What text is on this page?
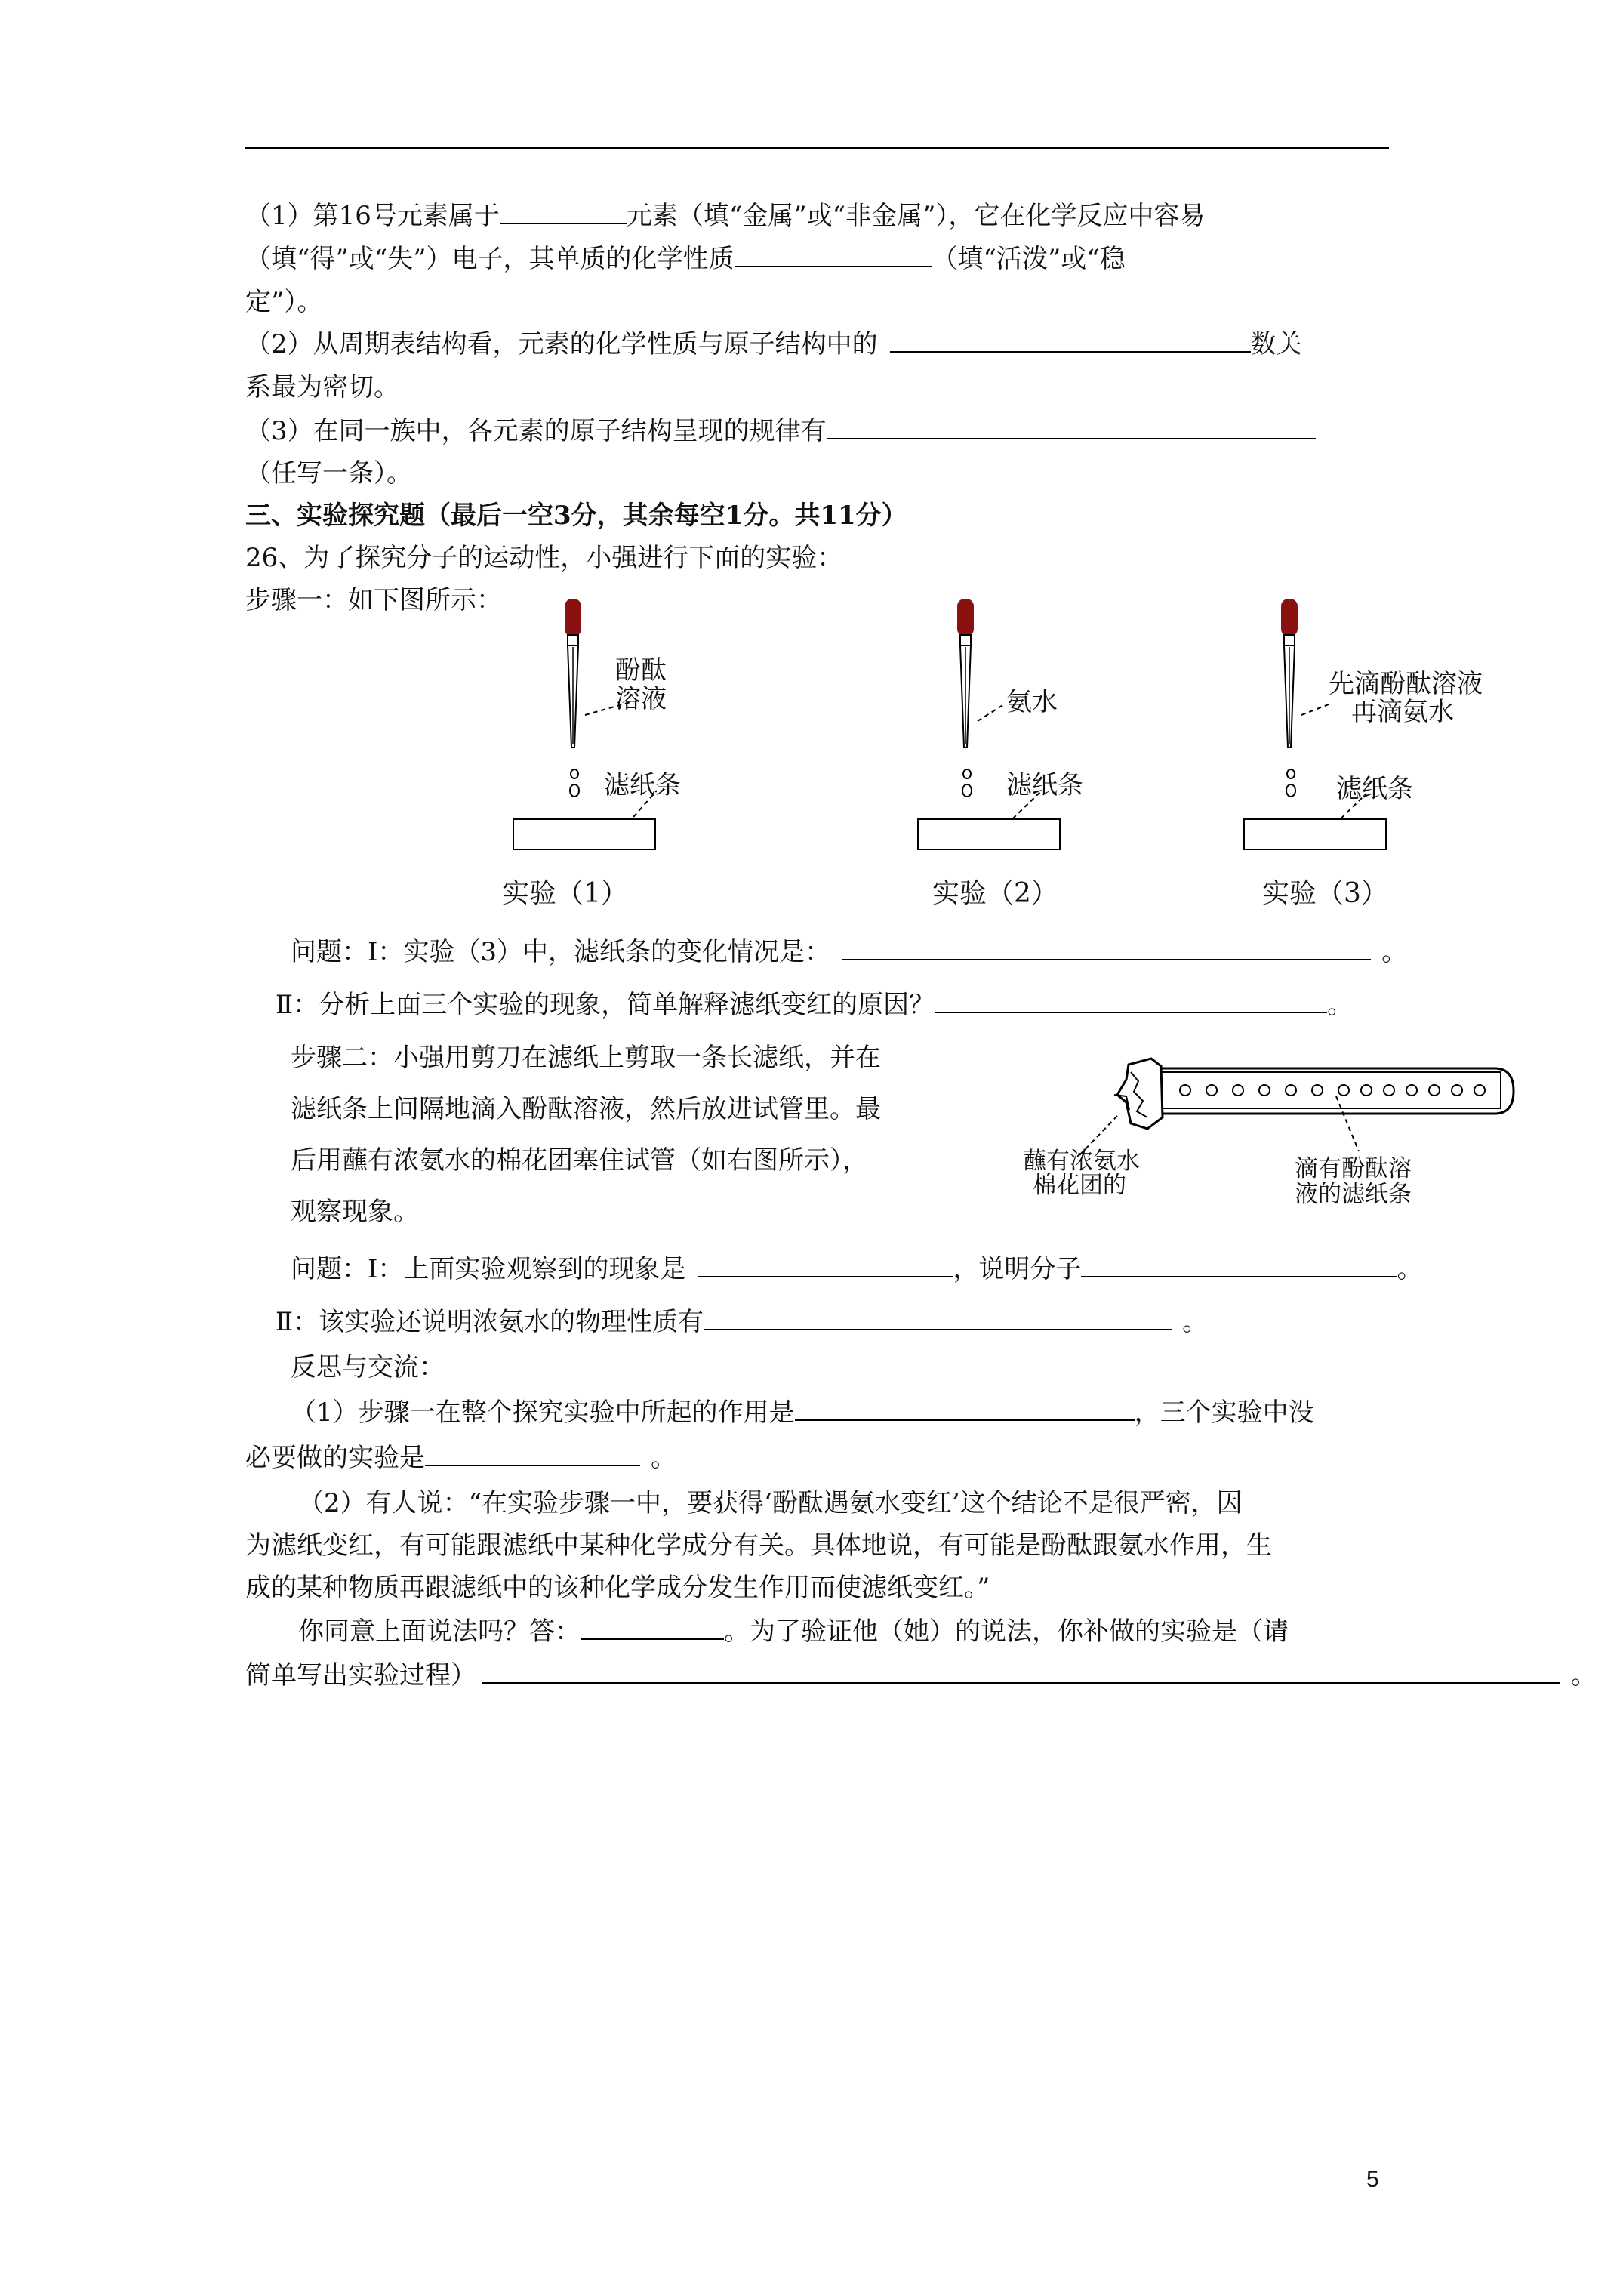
（1）第16号元素属于	元素（填“金属”或“非金属”），它在化学反应中容易
（填“得”或“失”）电子，其单质的化学性质	（填“活泼”或“稳
定”）。
（2）从周期表结构看，元素的化学性质与原子结构中的	数关
系最为密切。
（3）在同一族中，各元素的原子结构呈现的规律有
（任写一条）。
三、实验探究题（最后一空3分，其余每空1分。共11分）
26、为了探究分子的运动性，小强进行下面的实验：
步骤一：如下图所示：
酚酞
溶液
滤纸条
氨水
滤纸条
先滴酚酞溶液
再滴氨水
滤纸条
实验（1）	实验（2）	实验（3）
问题：Ⅰ：实验（3）中，滤纸条的变化情况是：	。
Ⅱ：分析上面三个实验的现象，简单解释滤纸变红的原因？	。
步骤二：小强用剪刀在滤纸上剪取一条长滤纸，并在
滤纸条上间隔地滴入酚酞溶液，然后放进试管里。最
后用蘸有浓氨水的棉花团塞住试管（如右图所示），
观察现象。
蘸有浓氨水
棉花团的
滴有酚酞溶
液的滤纸条
问题：Ⅰ：上面实验观察到的现象是	，说明分子	。
Ⅱ：该实验还说明浓氨水的物理性质有	。
反思与交流：
（1）步骤一在整个探究实验中所起的作用是	，三个实验中没
必要做的实验是	。
（2）有人说：“在实验步骤一中，要获得‘酚酞遇氨水变红’这个结论不是很严密，因
为滤纸变红，有可能跟滤纸中某种化学成分有关。具体地说，有可能是酚酞跟氨水作用，生
成的某种物质再跟滤纸中的该种化学成分发生作用而使滤纸变红。”
你同意上面说法吗？答：	。为了验证他（她）的说法，你补做的实验是（请
简单写出实验过程）	。
5
